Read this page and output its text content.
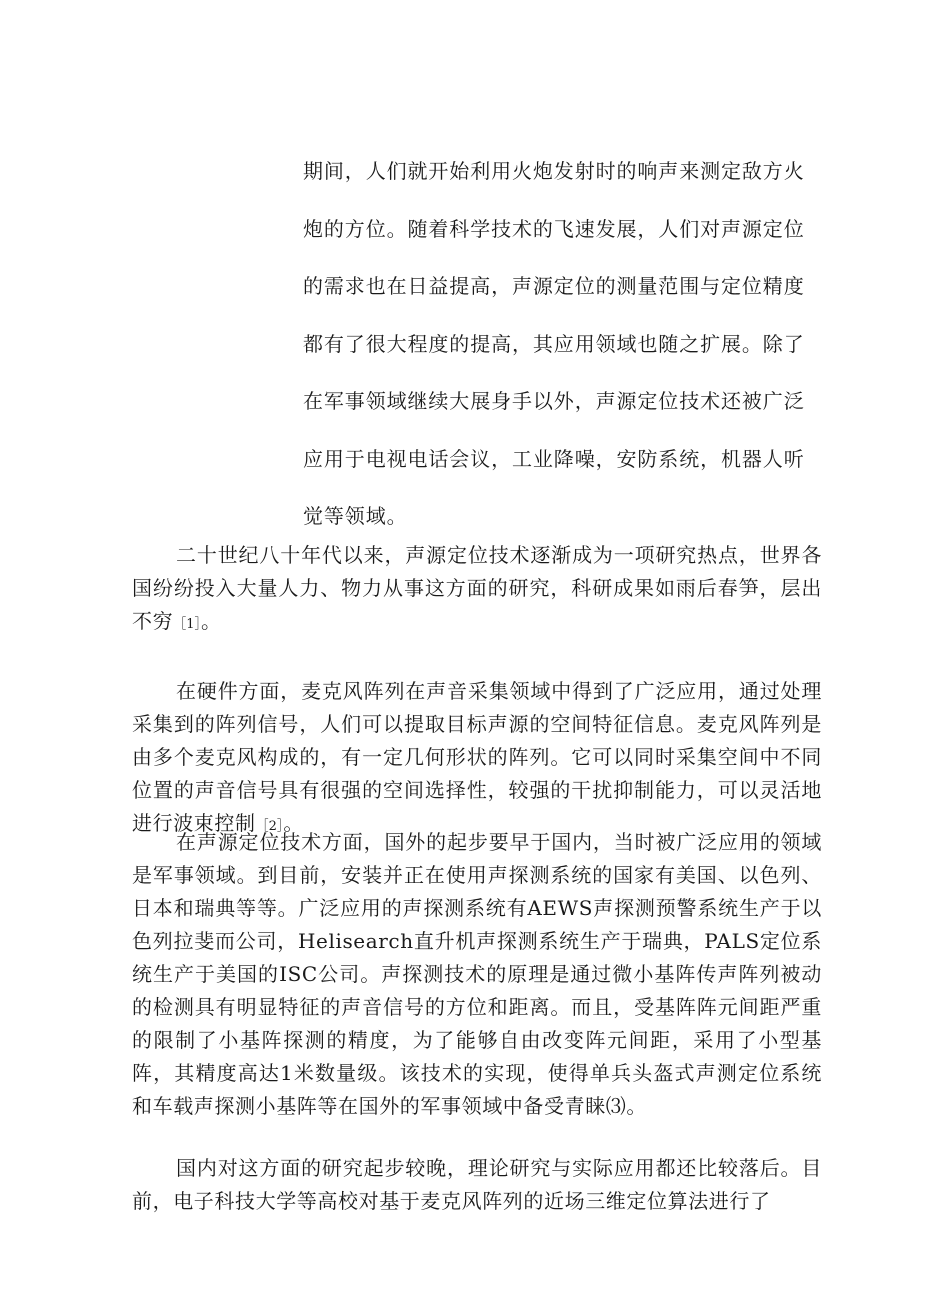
期间，人们就开始利用火炮发射时的响声来测定敌方火
炮的方位。随着科学技术的飞速发展，人们对声源定位
的需求也在日益提高，声源定位的测量范围与定位精度
都有了很大程度的提高，其应用领域也随之扩展。除了
在军事领域继续大展身手以外，声源定位技术还被广泛
应用于电视电话会议，工业降噪，安防系统，机器人听
觉等领域。

二十世纪八十年代以来，声源定位技术逐渐成为一项研究热点，世界各国纷纷投入大量人力、物力从事这方面的研究，科研成果如雨后春笋，层出不穷［1］。

在硬件方面，麦克风阵列在声音采集领域中得到了广泛应用，通过处理采集到的阵列信号，人们可以提取目标声源的空间特征信息。麦克风阵列是由多个麦克风构成的，有一定几何形状的阵列。它可以同时采集空间中不同位置的声音信号具有很强的空间选择性，较强的干扰抑制能力，可以灵活地进行波束控制［2］。

在声源定位技术方面，国外的起步要早于国内，当时被广泛应用的领域是军事领域。到目前，安装并正在使用声探测系统的国家有美国、以色列、日本和瑞典等等。广泛应用的声探测系统有AEWS声探测预警系统生产于以色列拉斐而公司，Helisearch直升机声探测系统生产于瑞典，PALS定位系统生产于美国的ISC公司。声探测技术的原理是通过微小基阵传声阵列被动的检测具有明显特征的声音信号的方位和距离。而且，受基阵阵元间距严重的限制了小基阵探测的精度，为了能够自由改变阵元间距，采用了小型基阵，其精度高达1米数量级。该技术的实现，使得单兵头盔式声测定位系统和车载声探测小基阵等在国外的军事领域中备受青睐⑶。

国内对这方面的研究起步较晚，理论研究与实际应用都还比较落后。目前，电子科技大学等高校对基于麦克风阵列的近场三维定位算法进行了
